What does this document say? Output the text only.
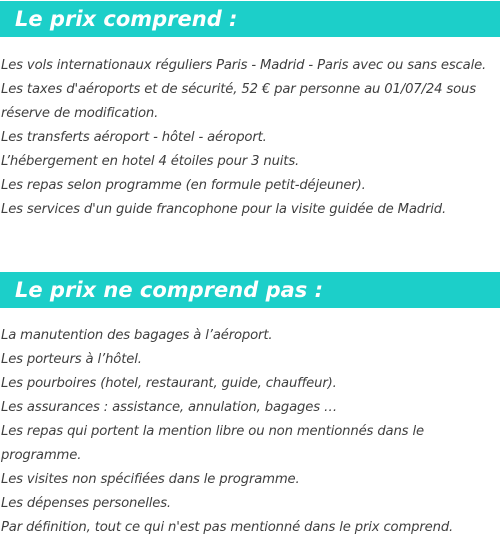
Le prix comprend :
Les vols internationaux réguliers Paris - Madrid - Paris avec ou sans escale.
Les taxes d'aéroports et de sécurité, 52 € par personne au 01/07/24 sous réserve de modification.
Les transferts aéroport - hôtel - aéroport.
L’hébergement en hotel 4 étoiles pour 3 nuits.
Les repas selon programme (en formule petit-déjeuner).
Les services d'un guide francophone pour la visite guidée de Madrid.
Le prix ne comprend pas :
La manutention des bagages à l’aéroport.
Les porteurs à l’hôtel.
Les pourboires (hotel, restaurant, guide, chauffeur).
Les assurances : assistance, annulation, bagages …
Les repas qui portent la mention libre ou non mentionnés dans le programme.
Les visites non spécifiées dans le programme.
Les dépenses personelles.
Par définition, tout ce qui n'est pas mentionné dans le prix comprend.
